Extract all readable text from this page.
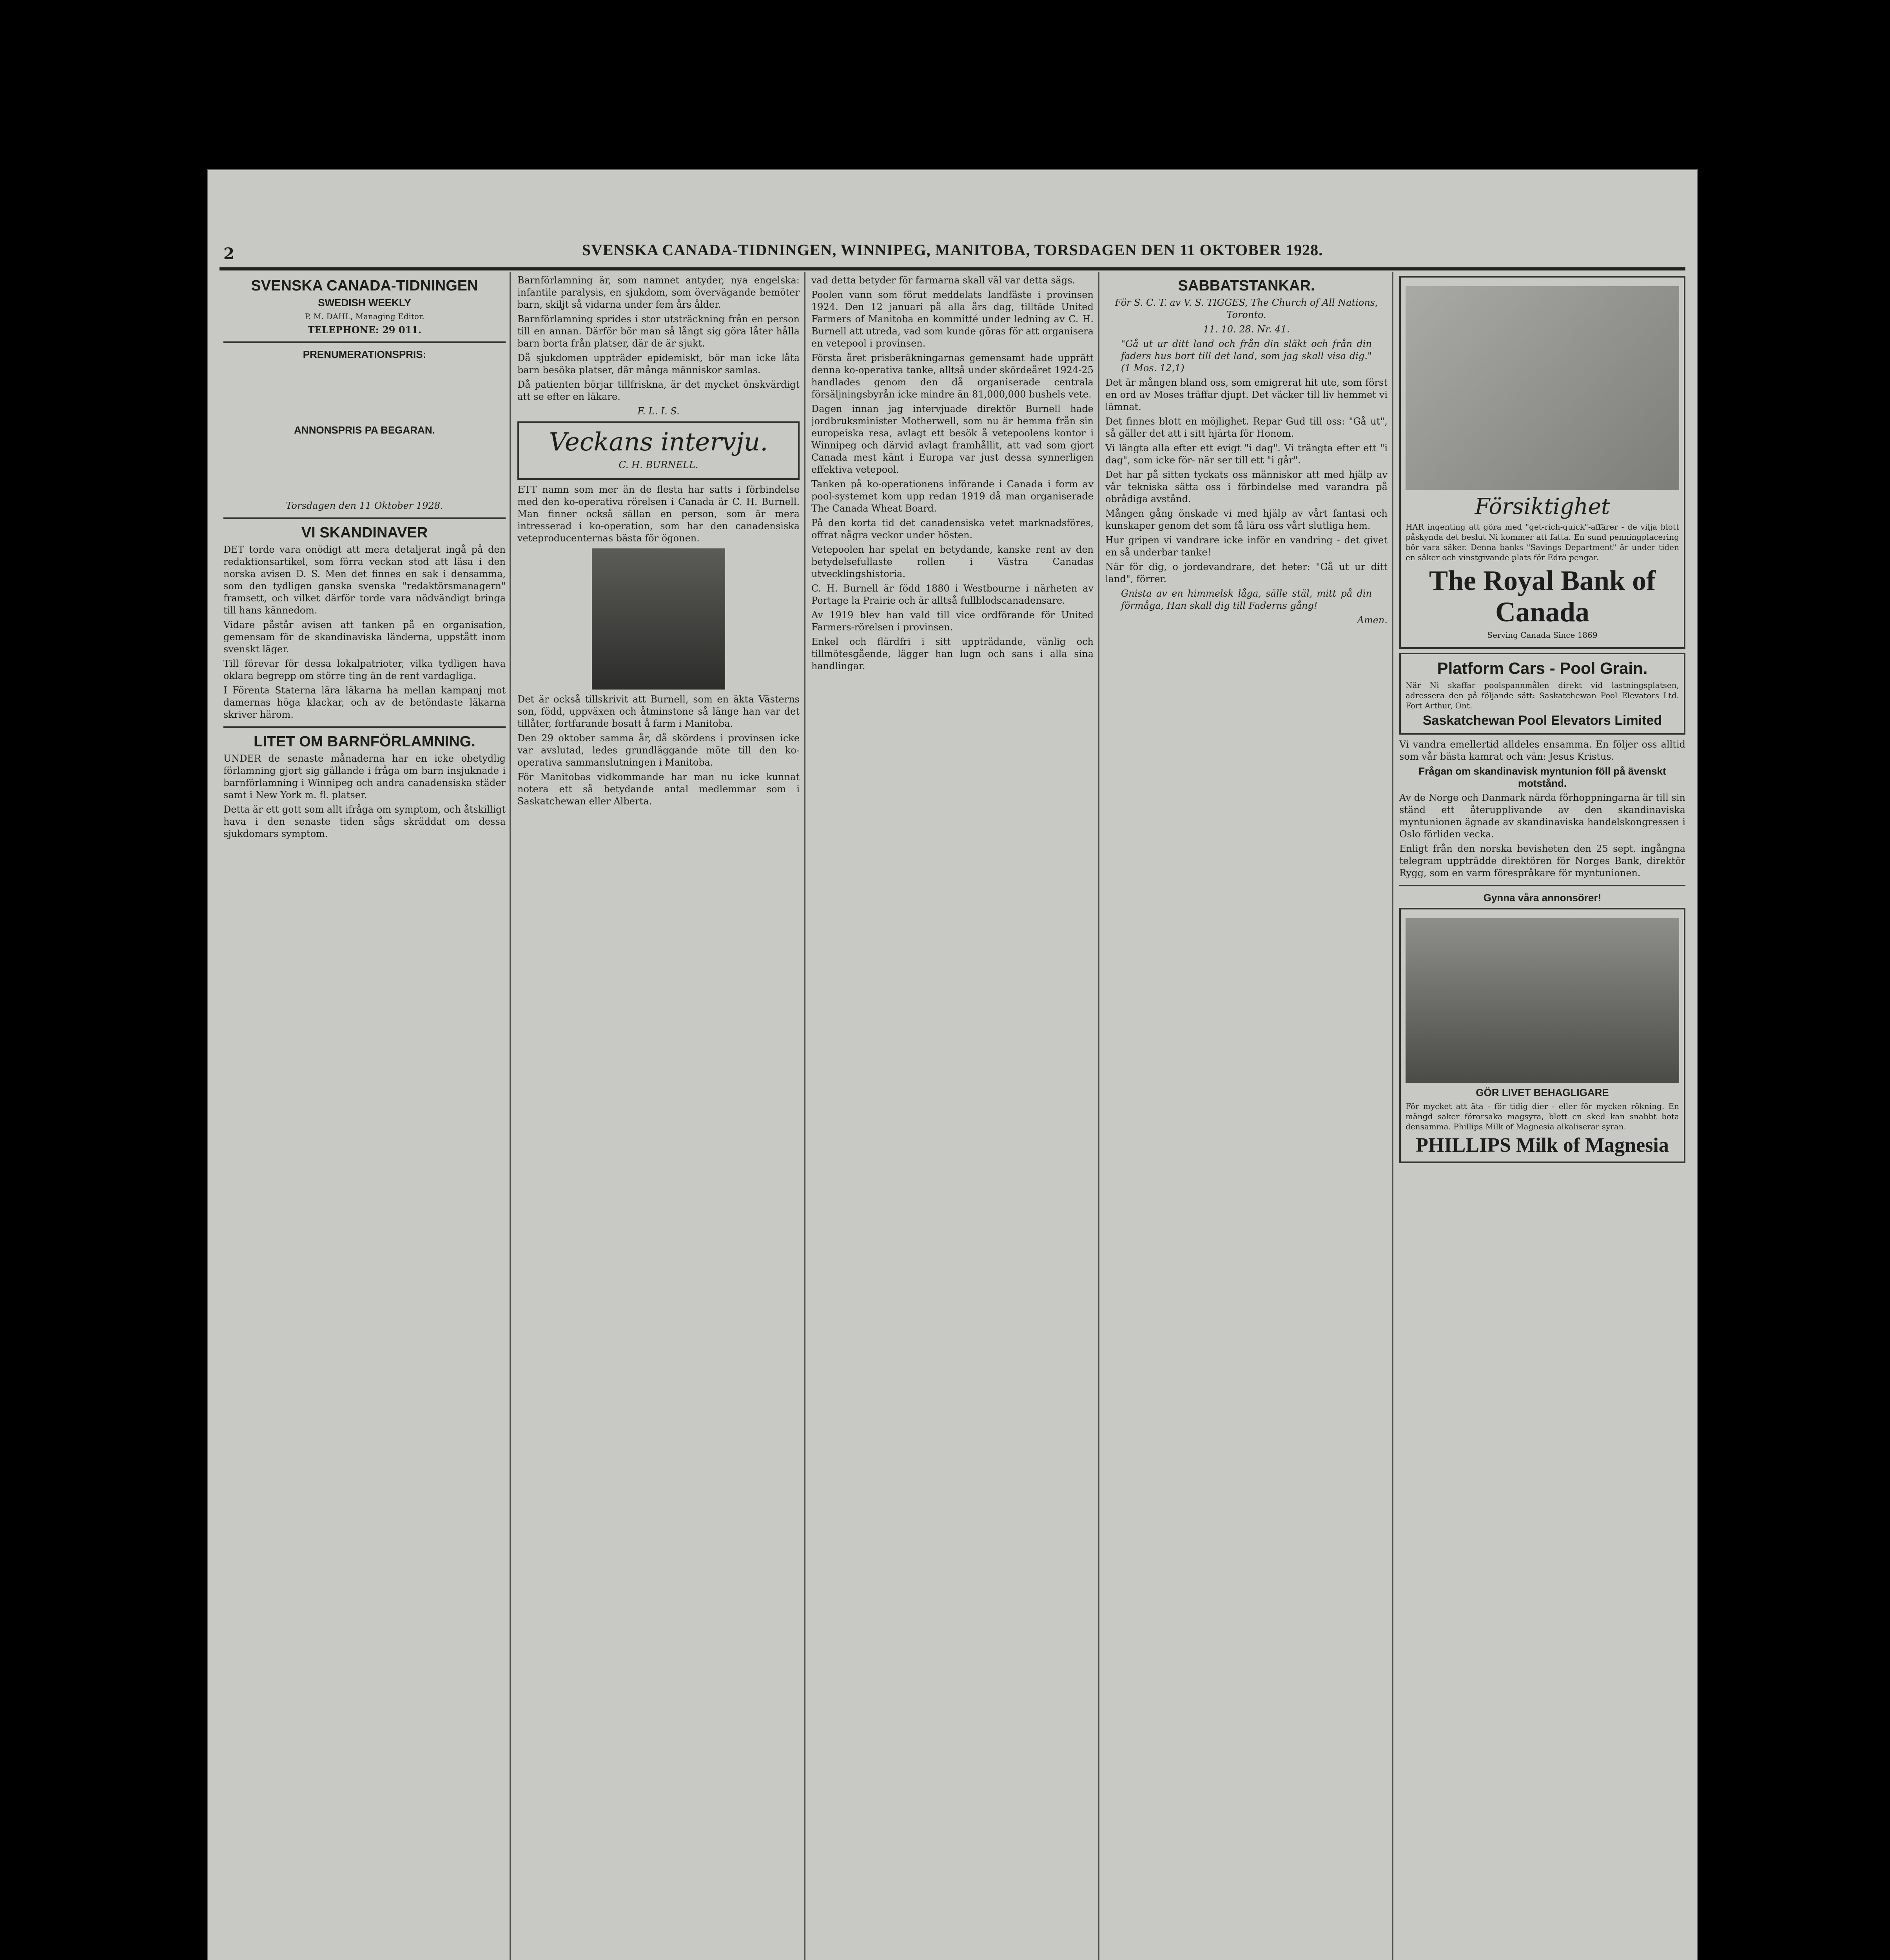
2	SVENSKA CANADA-TIDNINGEN, WINNIPEG, MANITOBA, TORSDAGEN DEN 11 OKTOBER 1928.
SVENSKA CANADA-TIDNINGEN
SWEDISH WEEKLY

P. M. DAHL, Managing Editor.

TELEPHONE: 29 011.

PRENUMERATIONSPRIS:
ANNONSPRIS PA BEGARAN.

Torsdagen den 11 Oktober 1928.

VI SKANDINAVER

DET torde vara onödigt att mera detaljerat ingå på den redaktionsartikel, som förra veckan stod att läsa i den norska avisen D. S. Men det finnes en sak i densamma, som den tydligen ganska svenska "redaktörsmanagern" framsett, och vilket därför torde vara nödvändigt bringa till hans kännedom.

Vidare påstår avisen att tanken på en organisation, gemensam för de skandinaviska länderna, uppstått inom svenskt läger.

Till förevar för dessa lokalpatrioter, vilka tydligen hava oklara begrepp om större ting än de rent vardagliga.

I Förenta Staterna lära läkarna ha mellan kampanj mot damernas höga klackar, och av de betöndaste läkarna skriver härom.

LITET OM BARNFÖRLAMNING.

UNDER de senaste månaderna har en icke obetydlig förlamning gjort sig gällande i fråga om barn insjuknade i barnförlamning i Winnipeg och andra canadensiska städer samt i New York m. fl. platser.

Detta är ett gott som allt ifråga om symptom, och åtskilligt hava i den senaste tiden sågs skräddat om dessa sjukdomars symptom.

Barnförlamning är, som namnet antyder, nya engelska: infantile paralysis, en sjukdom, som övervägande bemöter barn, skiljt så vidarna under fem års ålder.

Barnförlamning sprides i stor utsträckning från en person till en annan. Därför bör man så långt sig göra låter hålla barn borta från platser, där de är sjukt.

Då sjukdomen uppträder epidemiskt, bör man icke låta barn besöka platser, där många människor samlas.

Då patienten börjar tillfriskna, är det mycket önskvärdigt att se efter en läkare.

F. L. I. S.

Veckans intervju.

C. H. BURNELL.

ETT namn som mer än de flesta har satts i förbindelse med den ko-operativa rörelsen i Canada är C. H. Burnell. Man finner också sällan en person, som är mera intresserad i ko-operation, som har den canadensiska veteproducenternas bästa för ögonen.

Det är också tillskrivit att Burnell, som en äkta Västerns son, född, uppväxen och åtminstone så länge han var det tillåter, fortfarande bosatt å farm i Manitoba.

Den 29 oktober samma år, då skördens i provinsen icke var avslutad, ledes grundläggande möte till den ko-operativa sammanslutningen i Manitoba.

För Manitobas vidkommande har man nu icke kunnat notera ett så betydande antal medlemmar som i Saskatchewan eller Alberta.

vad detta betyder för farmarna skall väl var detta sägs.

Poolen vann som förut meddelats landfäste i provinsen 1924. Den 12 januari på alla års dag, tilltäde United Farmers of Manitoba en kommitté under ledning av C. H. Burnell att utreda, vad som kunde göras för att organisera en vetepool i provinsen.

Första året prisberäkningarnas gemensamt hade upprätt denna ko-operativa tanke, alltså under skördeåret 1924-25 handlades genom den då organiserade centrala försäljningsbyrån icke mindre än 81,000,000 bushels vete.

Dagen innan jag intervjuade direktör Burnell hade jordbruksminister Motherwell, som nu är hemma från sin europeiska resa, avlagt ett besök å vetepoolens kontor i Winnipeg och därvid avlagt framhållit, att vad som gjort Canada mest känt i Europa var just dessa synnerligen effektiva vetepool.

Tanken på ko-operationens införande i Canada i form av pool-systemet kom upp redan 1919 då man organiserade The Canada Wheat Board.

På den korta tid det canadensiska vetet marknadsföres, offrat några veckor under hösten.

Vetepoolen har spelat en betydande, kanske rent av den betydelsefullaste rollen i Västra Canadas utvecklingshistoria.

C. H. Burnell är född 1880 i Westbourne i närheten av Portage la Prairie och är alltså fullblodscanadensare.

Av 1919 blev han vald till vice ordförande för United Farmers-rörelsen i provinsen.

Enkel och flärdfri i sitt uppträdande, vänlig och tillmötesgående, lägger han lugn och sans i alla sina handlingar.

SABBATSTANKAR.

För S. C. T. av V. S. TIGGES, The Church of All Nations, Toronto.

11. 10. 28. Nr. 41.

"Gå ut ur ditt land och från din släkt och från din faders hus bort till det land, som jag skall visa dig." (1 Mos. 12,1)

Det är mången bland oss, som emigrerat hit ute, som först en ord av Moses träffar djupt. Det väcker till liv hemmet vi lämnat.

Det finnes blott en möjlighet. Repar Gud till oss: "Gå ut", så gäller det att i sitt hjärta för Honom.

Vi längta alla efter ett evigt "i dag". Vi trängta efter ett "i dag", som icke för- när ser till ett "i går".

Det har på sitten tyckats oss människor att med hjälp av vår tekniska sätta oss i förbindelse med varandra på obrådiga avstånd.

Mången gång önskade vi med hjälp av vårt fantasi och kunskaper genom det som få lära oss vårt slutliga hem.

Hur gripen vi vandrare icke inför en vandring - det givet en så underbar tanke!

När för dig, o jordevandrare, det heter: "Gå ut ur ditt land", förrer.

Gnista av en himmelsk låga, sälle stäl, mitt på din förmåga, Han skall dig till Faderns gång!

Amen.

Försiktighet

HAR ingenting att göra med "get-rich-quick"-affärer - de vilja blott påskynda det beslut Ni kommer att fatta. En sund penningplacering bör vara säker. Denna banks "Savings Department" är under tiden en säker och vinstgivande plats för Edra pengar.

The Royal Bank of Canada

Serving Canada Since 1869

Platform Cars - Pool Grain.

När Ni skaffar poolspannmålen direkt vid lastningsplatsen, adressera den på följande sätt: Saskatchewan Pool Elevators Ltd. Fort Arthur, Ont.

Saskatchewan Pool Elevators Limited

Vi vandra emellertid alldeles ensamma. En följer oss alltid som vår bästa kamrat och vän: Jesus Kristus.

Frågan om skandinavisk myntunion föll på ävenskt motstånd.

Av de Norge och Danmark närda förhoppningarna är till sin ständ ett återupplivande av den skandinaviska myntunionen ägnade av skandinaviska handelskongressen i Oslo förliden vecka.

Enligt från den norska bevisheten den 25 sept. ingångna telegram uppträdde direktören för Norges Bank, direktör Rygg, som en varm förespråkare för myntunionen.

Gynna våra annonsörer!
GÖR LIVET BEHAGLIGARE

För mycket att äta - för tidig dier - eller för mycken rökning. En mängd saker förorsaka magsyra, blott en sked kan snabbt bota densamma. Phillips Milk of Magnesia alkaliserar syran.

PHILLIPS Milk of Magnesia
